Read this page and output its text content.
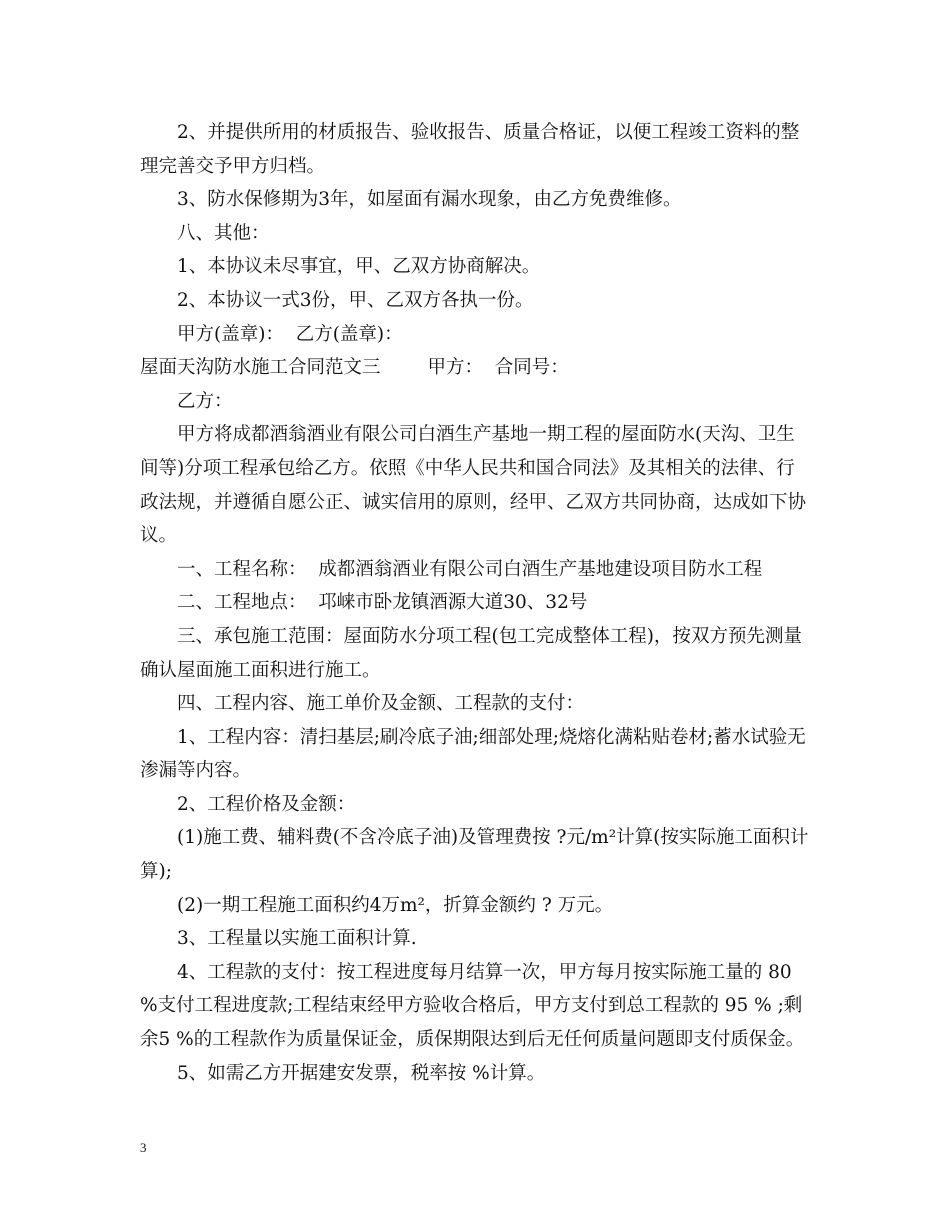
2、并提供所用的材质报告、验收报告、质量合格证，以便工程竣工资料的整理完善交予甲方归档。

3、防水保修期为3年，如屋面有漏水现象，由乙方免费维修。

八、其他：

1、本协议未尽事宜，甲、乙双方协商解决。

2、本协议一式3份，甲、乙双方各执一份。

甲方(盖章)：  乙方(盖章)：

屋面天沟防水施工合同范文三        甲方：  合同号：

乙方：

甲方将成都酒翁酒业有限公司白酒生产基地一期工程的屋面防水(天沟、卫生间等)分项工程承包给乙方。依照《中华人民共和国合同法》及其相关的法律、行政法规，并遵循自愿公正、诚实信用的原则，经甲、乙双方共同协商，达成如下协议。

一、工程名称：  成都酒翁酒业有限公司白酒生产基地建设项目防水工程

二、工程地点：  邛崃市卧龙镇酒源大道30、32号

三、承包施工范围：屋面防水分项工程(包工完成整体工程)，按双方预先测量确认屋面施工面积进行施工。

四、工程内容、施工单价及金额、工程款的支付：

1、工程内容：清扫基层;刷冷底子油;细部处理;烧熔化满粘贴卷材;蓄水试验无渗漏等内容。

2、工程价格及金额：

(1)施工费、辅料费(不含冷底子油)及管理费按 ?元/m²计算(按实际施工面积计算);

(2)一期工程施工面积约4万m²，折算金额约 ? 万元。

3、工程量以实施工面积计算.

4、工程款的支付：按工程进度每月结算一次，甲方每月按实际施工量的 80 %支付工程进度款;工程结束经甲方验收合格后，甲方支付到总工程款的 95 % ;剩余5 %的工程款作为质量保证金，质保期限达到后无任何质量问题即支付质保金。

5、如需乙方开据建安发票，税率按 %计算。

3
